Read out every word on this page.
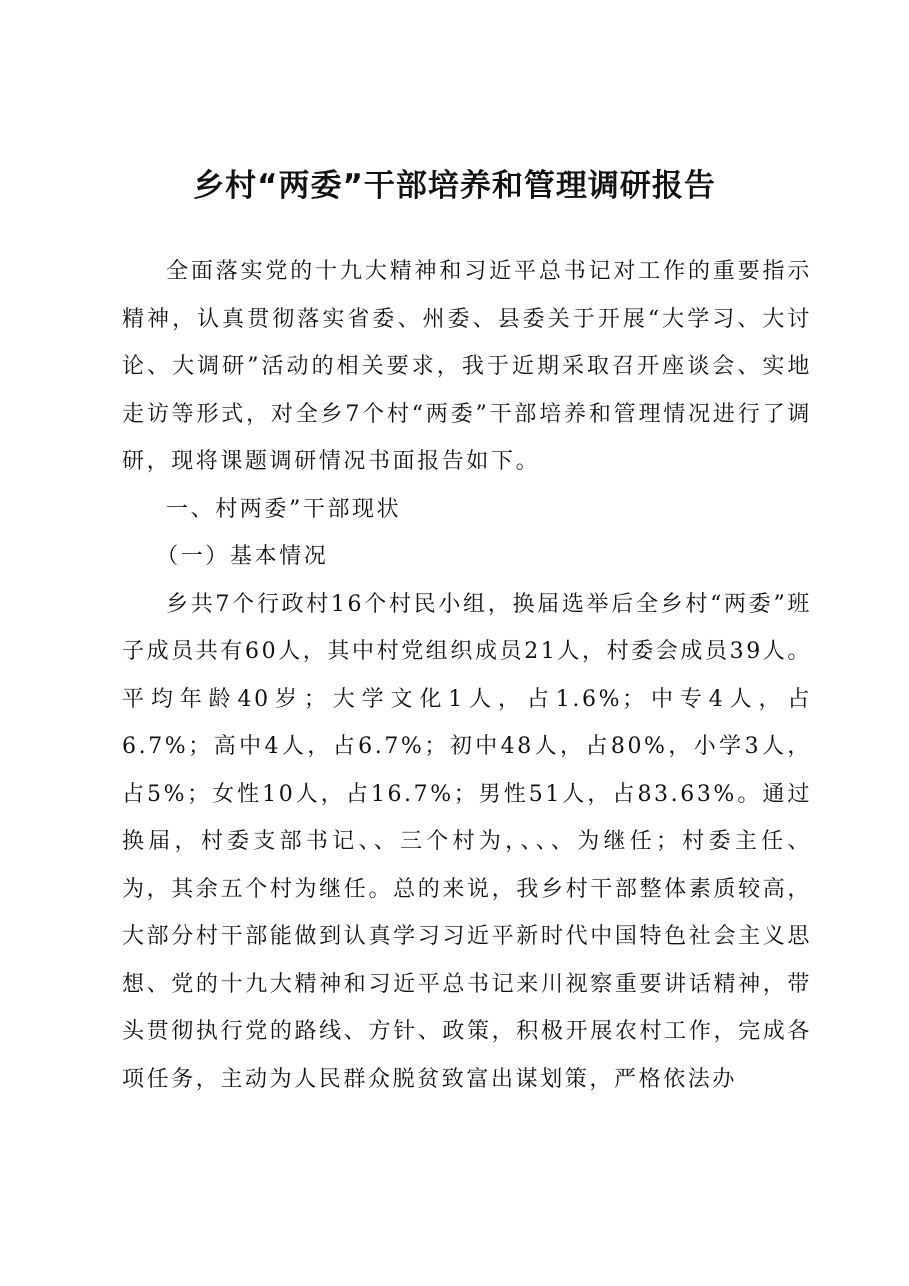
乡村“两委”干部培养和管理调研报告

全面落实党的十九大精神和习近平总书记对工作的重要指示精神，认真贯彻落实省委、州委、县委关于开展“大学习、大讨论、大调研”活动的相关要求，我于近期采取召开座谈会、实地走访等形式，对全乡7个村“两委”干部培养和管理情况进行了调研，现将课题调研情况书面报告如下。

一、村两委”干部现状

（一）基本情况

乡共7个行政村16个村民小组，换届选举后全乡村“两委”班子成员共有60人，其中村党组织成员21人，村委会成员39人。平均年龄40岁；大学文化1人，占1.6%；中专4人，占6.7%；高中4人，占6.7%；初中48人，占80%，小学3人，占5%；女性10人，占16.7%；男性51人，占83.63%。通过换届，村委支部书记、、三个村为，、、、为继任；村委主任、为，其余五个村为继任。总的来说，我乡村干部整体素质较高，大部分村干部能做到认真学习习近平新时代中国特色社会主义思想、党的十九大精神和习近平总书记来川视察重要讲话精神，带头贯彻执行党的路线、方针、政策，积极开展农村工作，完成各项任务，主动为人民群众脱贫致富出谋划策，严格依法办
